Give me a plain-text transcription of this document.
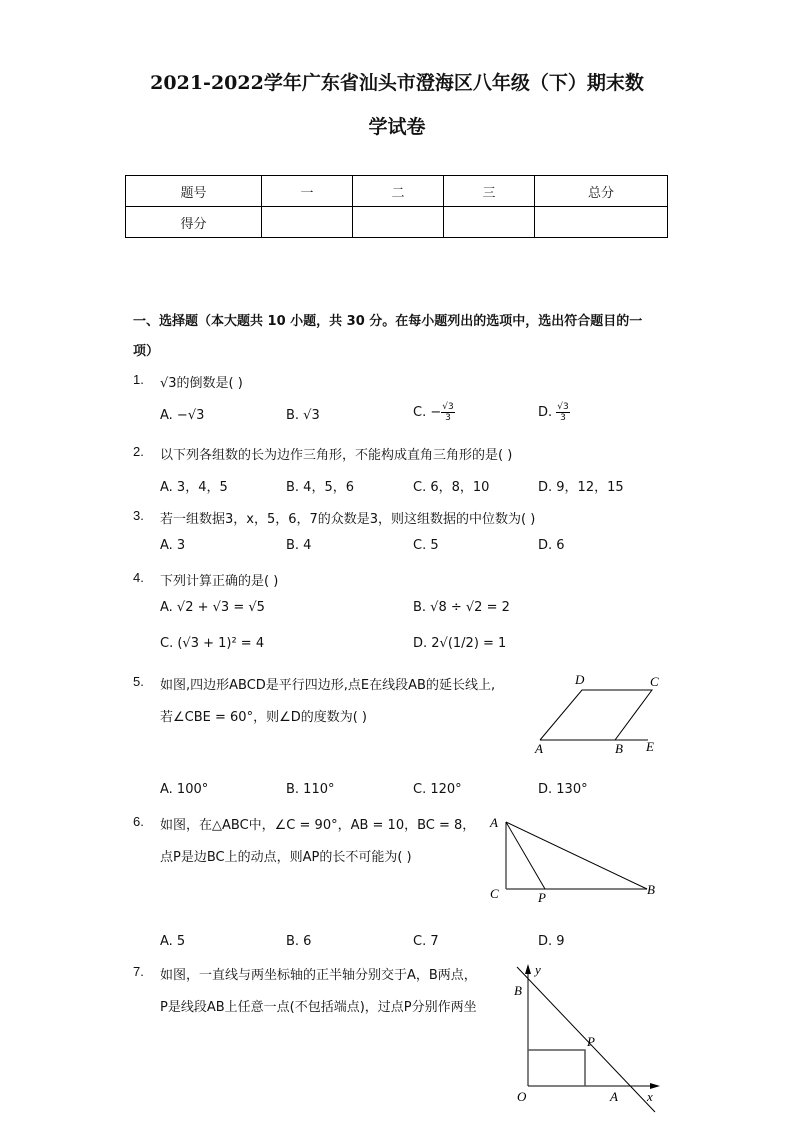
2021-2022学年广东省汕头市澄海区八年级（下）期末数
学试卷
题号	一	二	三	总分
得分				
一、选择题（本大题共 10 小题，共 30 分。在每小题列出的选项中，选出符合题目的一
项）
1. √3的倒数是( )
A. −√3	B. √3	C. − $\frac{√3}{3}$	D. $\frac{√3}{3}$
2. 以下列各组数的长为边作三角形，不能构成直角三角形的是( )
A. 3，4，5	B. 4，5，6	C. 6，8，10	D. 9，12，15
3. 若一组数据3，x，5，6，7的众数是3，则这组数据的中位数为( )
A. 3	B. 4	C. 5	D. 6
4. 下列计算正确的是( )
A. √2 + √3 = √5	B. √8 ÷ √2 = 2
C. (√3 + 1)² = 4	D. 2√(1/2) = 1
5. 如图,四边形ABCD是平行四边形,点E在线段AB的延长线上,
若∠CBE = 60°，则∠D的度数为( )
D	C
A	B E
A. 100°	B. 110°	C. 120°	D. 130°
6. 如图，在△ABC中，∠C = 90°，AB = 10，BC = 8，
点P是边BC上的动点，则AP的长不可能为( )
A
C	P
B
A. 5	B. 6	C. 7	D. 9
7. 如图，一直线与两坐标轴的正半轴分别交于A，B两点，
P是线段AB上任意一点(不包括端点)，过点P分别作两坐
y
B
P
O	A x
